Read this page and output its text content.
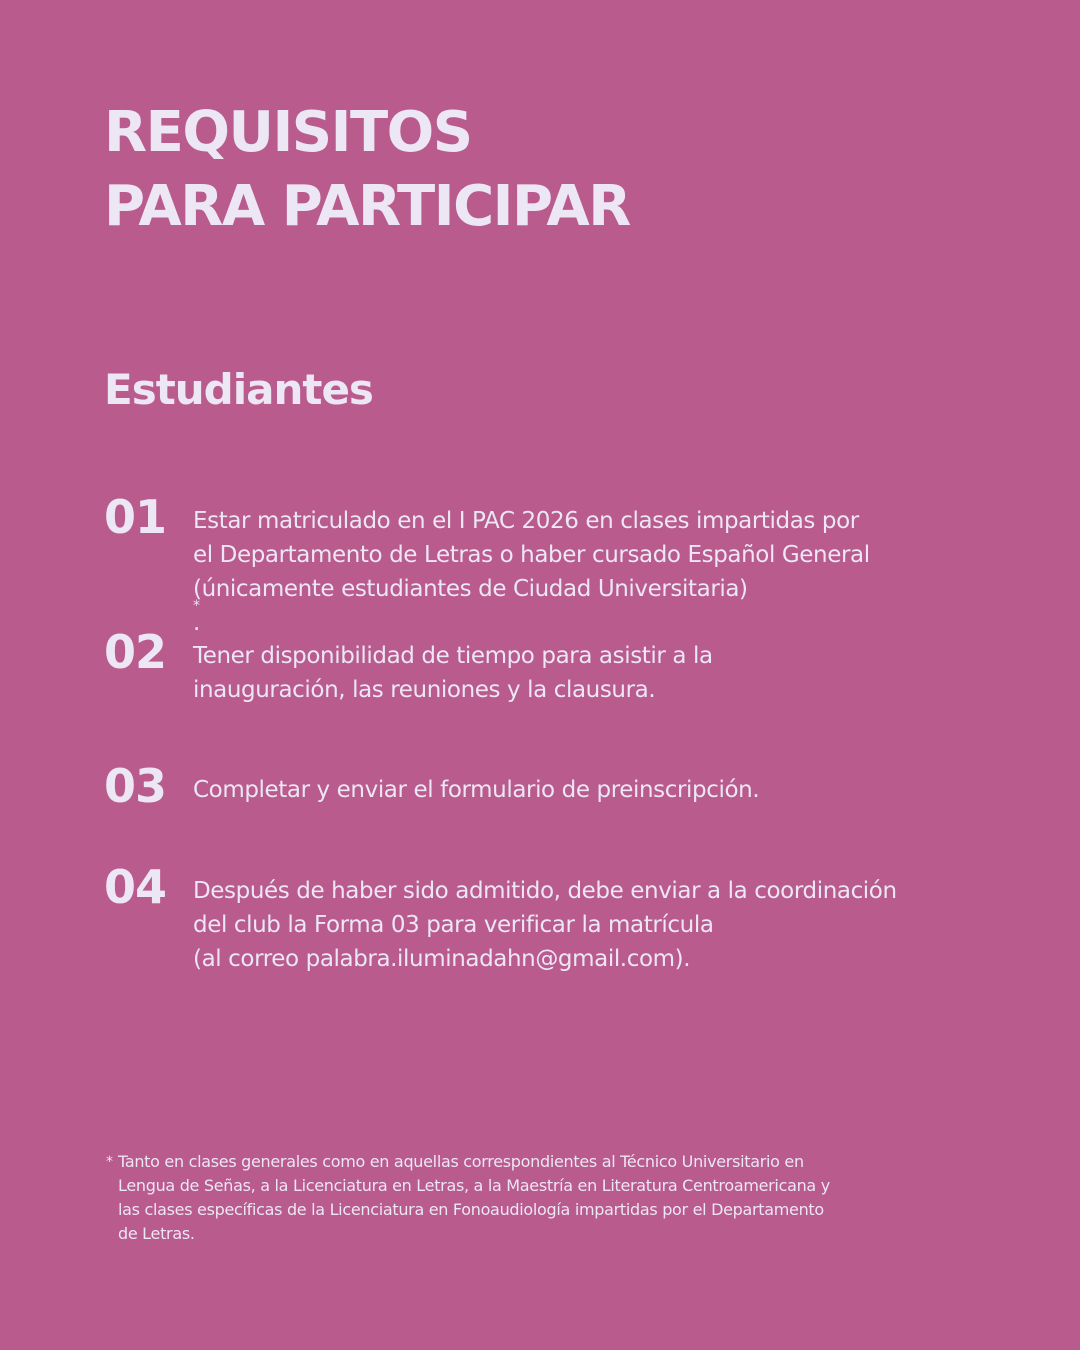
REQUISITOS
PARA PARTICIPAR
Estudiantes
01 Estar matriculado en el I PAC 2026 en clases impartidas por
el Departamento de Letras o haber cursado Español General
(únicamente estudiantes de Ciudad Universitaria)
*
.
02 Tener disponibilidad de tiempo para asistir a la
inauguración, las reuniones y la clausura.
03 Completar y enviar el formulario de preinscripción.
04 Después de haber sido admitido, debe enviar a la coordinación
del club la Forma 03 para verificar la matrícula
(al correo palabra.iluminadahn@gmail.com).
* Tanto en clases generales como en aquellas correspondientes al Técnico Universitario en
Lengua de Señas, a la Licenciatura en Letras, a la Maestría en Literatura Centroamericana y
las clases específicas de la Licenciatura en Fonoaudiología impartidas por el Departamento
de Letras.
